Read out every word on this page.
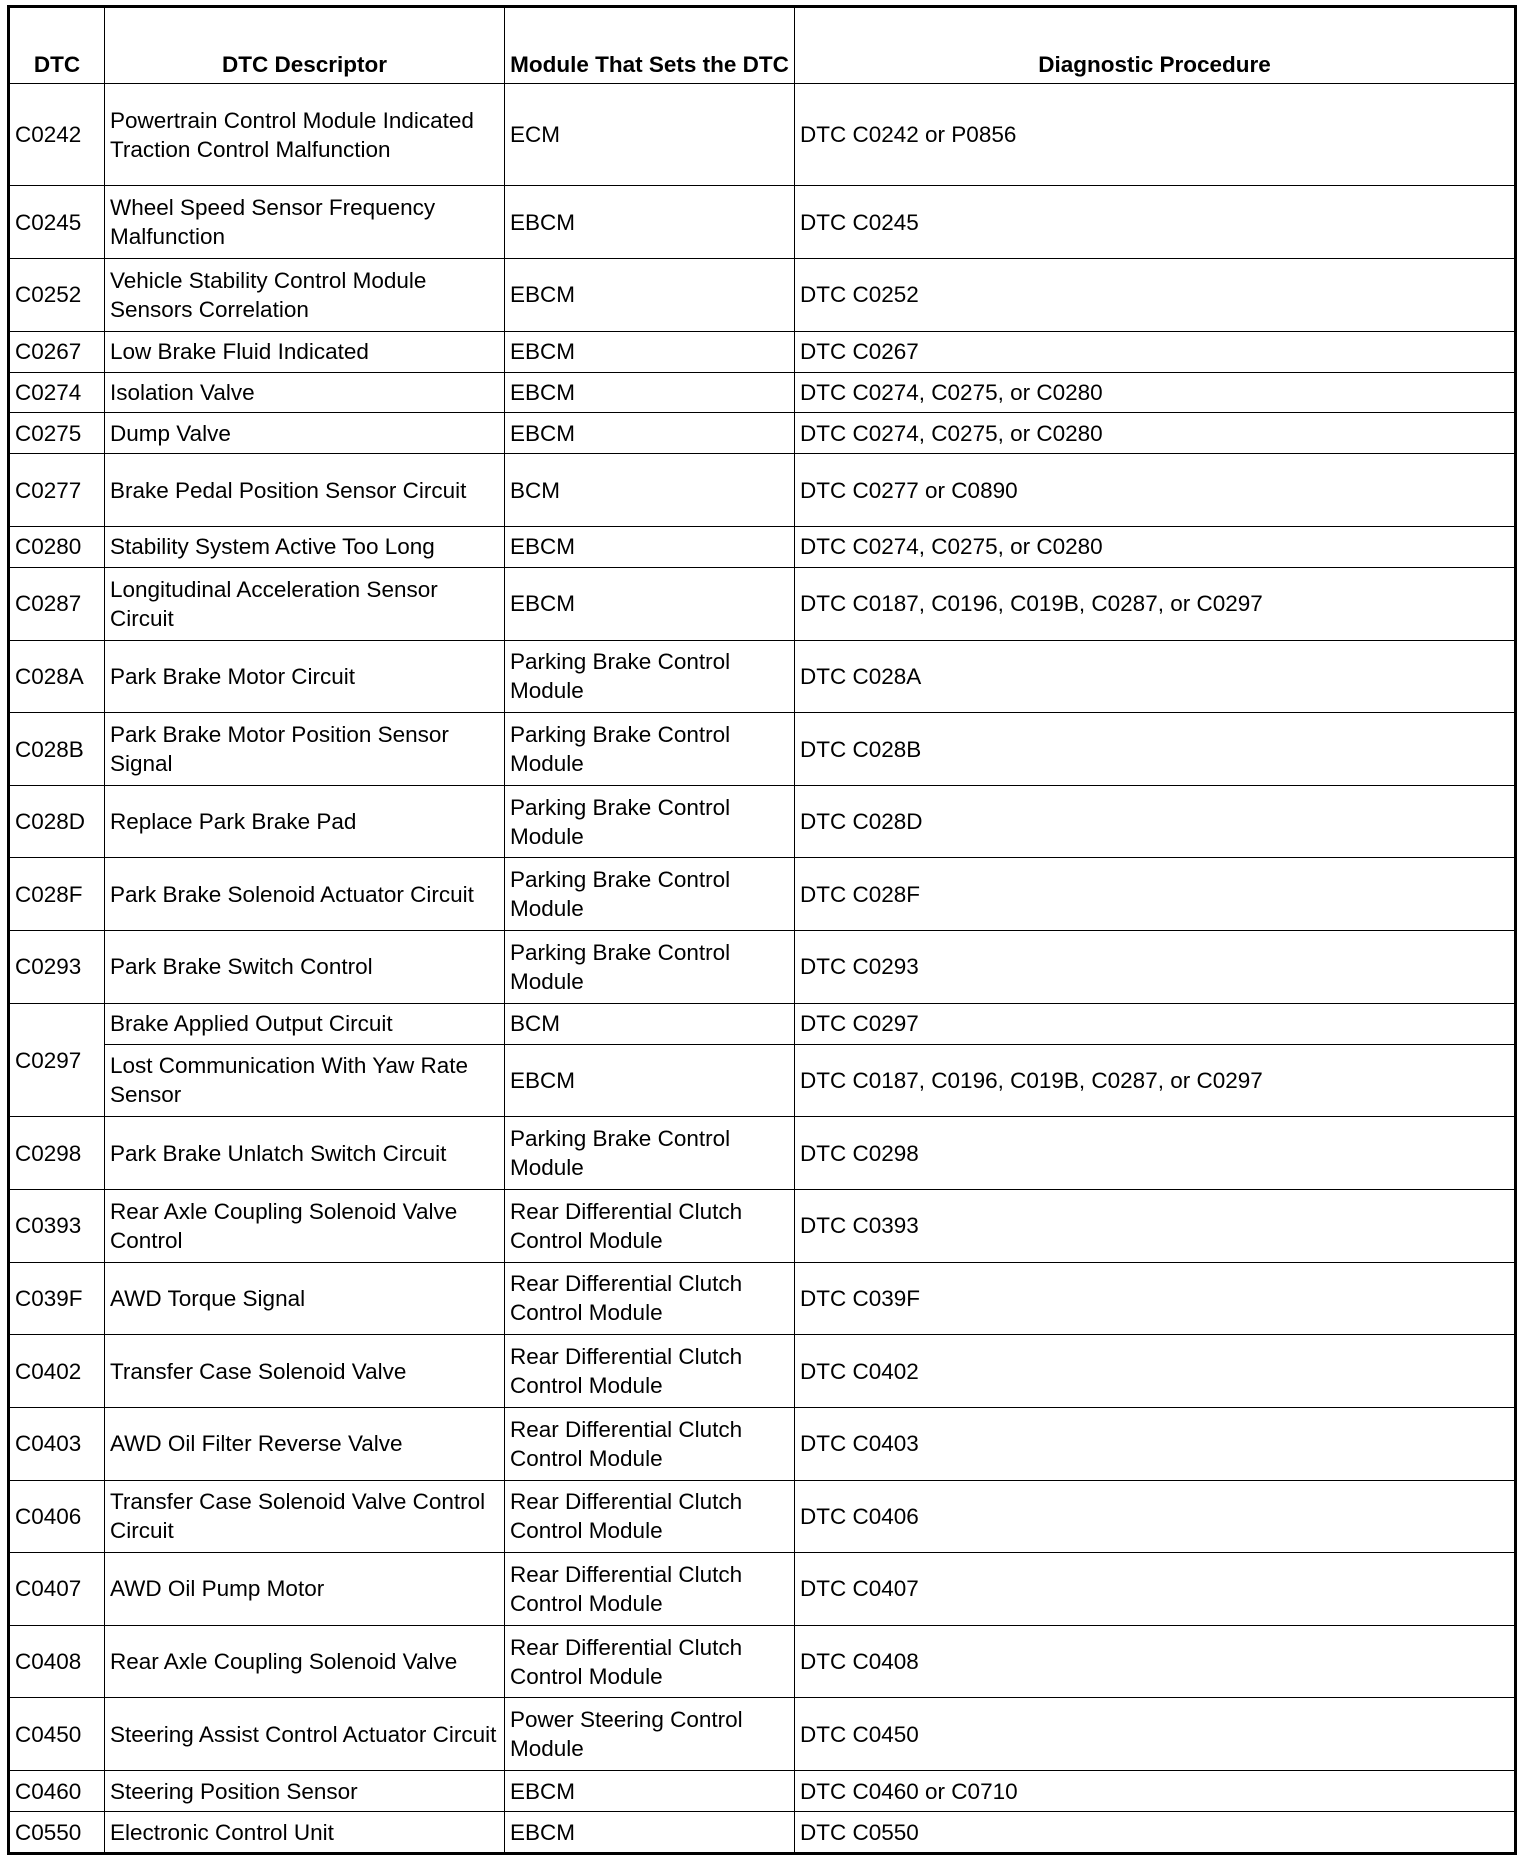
DTC	DTC Descriptor	Module That Sets the DTC	Diagnostic Procedure
C0242	Powertrain Control Module Indicated Traction Control Malfunction	ECM	DTC C0242 or P0856
C0245	Wheel Speed Sensor Frequency Malfunction	EBCM	DTC C0245
C0252	Vehicle Stability Control Module Sensors Correlation	EBCM	DTC C0252
C0267	Low Brake Fluid Indicated	EBCM	DTC C0267
C0274	Isolation Valve	EBCM	DTC C0274, C0275, or C0280
C0275	Dump Valve	EBCM	DTC C0274, C0275, or C0280
C0277	Brake Pedal Position Sensor Circuit	BCM	DTC C0277 or C0890
C0280	Stability System Active Too Long	EBCM	DTC C0274, C0275, or C0280
C0287	Longitudinal Acceleration Sensor Circuit	EBCM	DTC C0187, C0196, C019B, C0287, or C0297
C028A	Park Brake Motor Circuit	Parking Brake Control Module	DTC C028A
C028B	Park Brake Motor Position Sensor Signal	Parking Brake Control Module	DTC C028B
C028D	Replace Park Brake Pad	Parking Brake Control Module	DTC C028D
C028F	Park Brake Solenoid Actuator Circuit	Parking Brake Control Module	DTC C028F
C0293	Park Brake Switch Control	Parking Brake Control Module	DTC C0293
C0297	Brake Applied Output Circuit	BCM	DTC C0297
	Lost Communication With Yaw Rate Sensor	EBCM	DTC C0187, C0196, C019B, C0287, or C0297
C0298	Park Brake Unlatch Switch Circuit	Parking Brake Control Module	DTC C0298
C0393	Rear Axle Coupling Solenoid Valve Control	Rear Differential Clutch Control Module	DTC C0393
C039F	AWD Torque Signal	Rear Differential Clutch Control Module	DTC C039F
C0402	Transfer Case Solenoid Valve	Rear Differential Clutch Control Module	DTC C0402
C0403	AWD Oil Filter Reverse Valve	Rear Differential Clutch Control Module	DTC C0403
C0406	Transfer Case Solenoid Valve Control Circuit	Rear Differential Clutch Control Module	DTC C0406
C0407	AWD Oil Pump Motor	Rear Differential Clutch Control Module	DTC C0407
C0408	Rear Axle Coupling Solenoid Valve	Rear Differential Clutch Control Module	DTC C0408
C0450	Steering Assist Control Actuator Circuit	Power Steering Control Module	DTC C0450
C0460	Steering Position Sensor	EBCM	DTC C0460 or C0710
C0550	Electronic Control Unit	EBCM	DTC C0550
